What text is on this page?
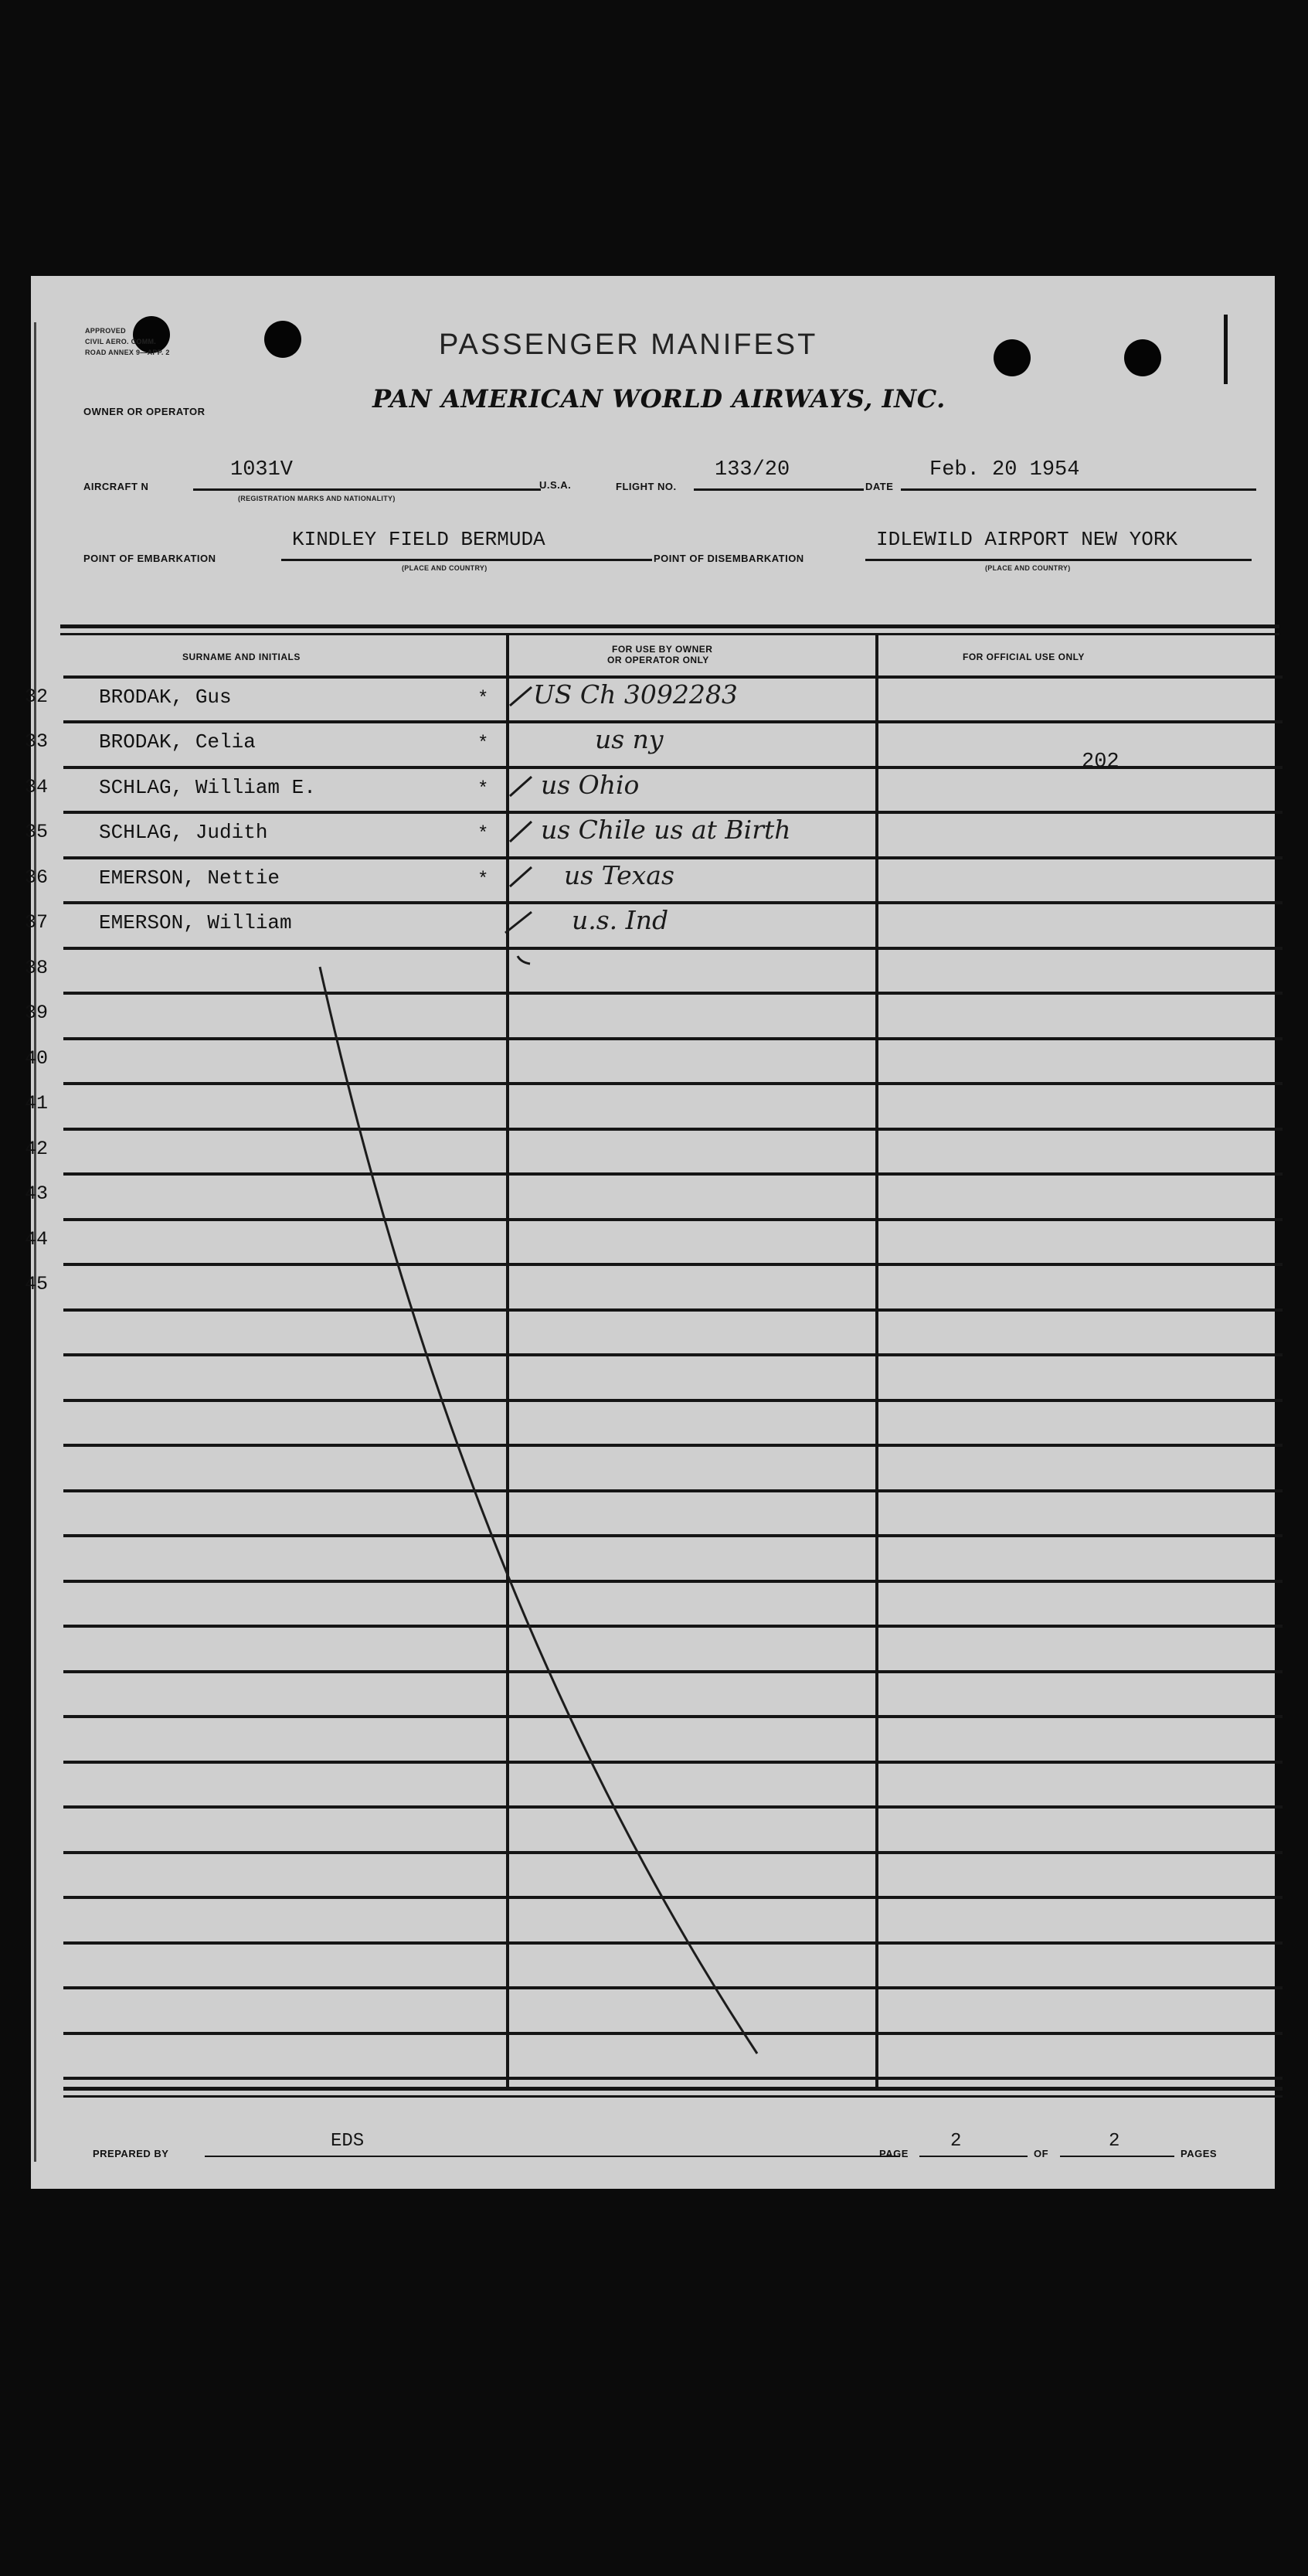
APPROVED
CIVIL AERO. COMM.
ROAD ANNEX 9—APP. 2	PASSENGER MANIFEST
PAN AMERICAN WORLD AIRWAYS, INC.
OWNER OR OPERATOR
AIRCRAFT N
1031V
(REGISTRATION MARKS AND NATIONALITY)
U.S.A.	FLIGHT NO.
133/20
DATE
Feb. 20 1954
KINDLEY FIELD BERMUDA
POINT OF EMBARKATION
(PLACE AND COUNTRY)
POINT OF DISEMBARKATION
IDLEWILD AIRPORT NEW YORK
(PLACE AND COUNTRY)
SURNAME AND INITIALS
FOR USE BY OWNER
OR OPERATOR ONLY	FOR OFFICIAL USE ONLY
32	BRODAK, Gus	* US Ch 3092283
33	BRODAK, Celia	*	us ny
202
34	SCHLAG, William E.	* us Ohio
35	SCHLAG, Judith	* us Chile us at Birth
36	EMERSON, Nettie	*	us Texas
37	EMERSON, William	u.s. Ind
38
39
40
41
42
43
44
45
PREPARED BY
EDS
PAGE
2
OF
2
PAGES
